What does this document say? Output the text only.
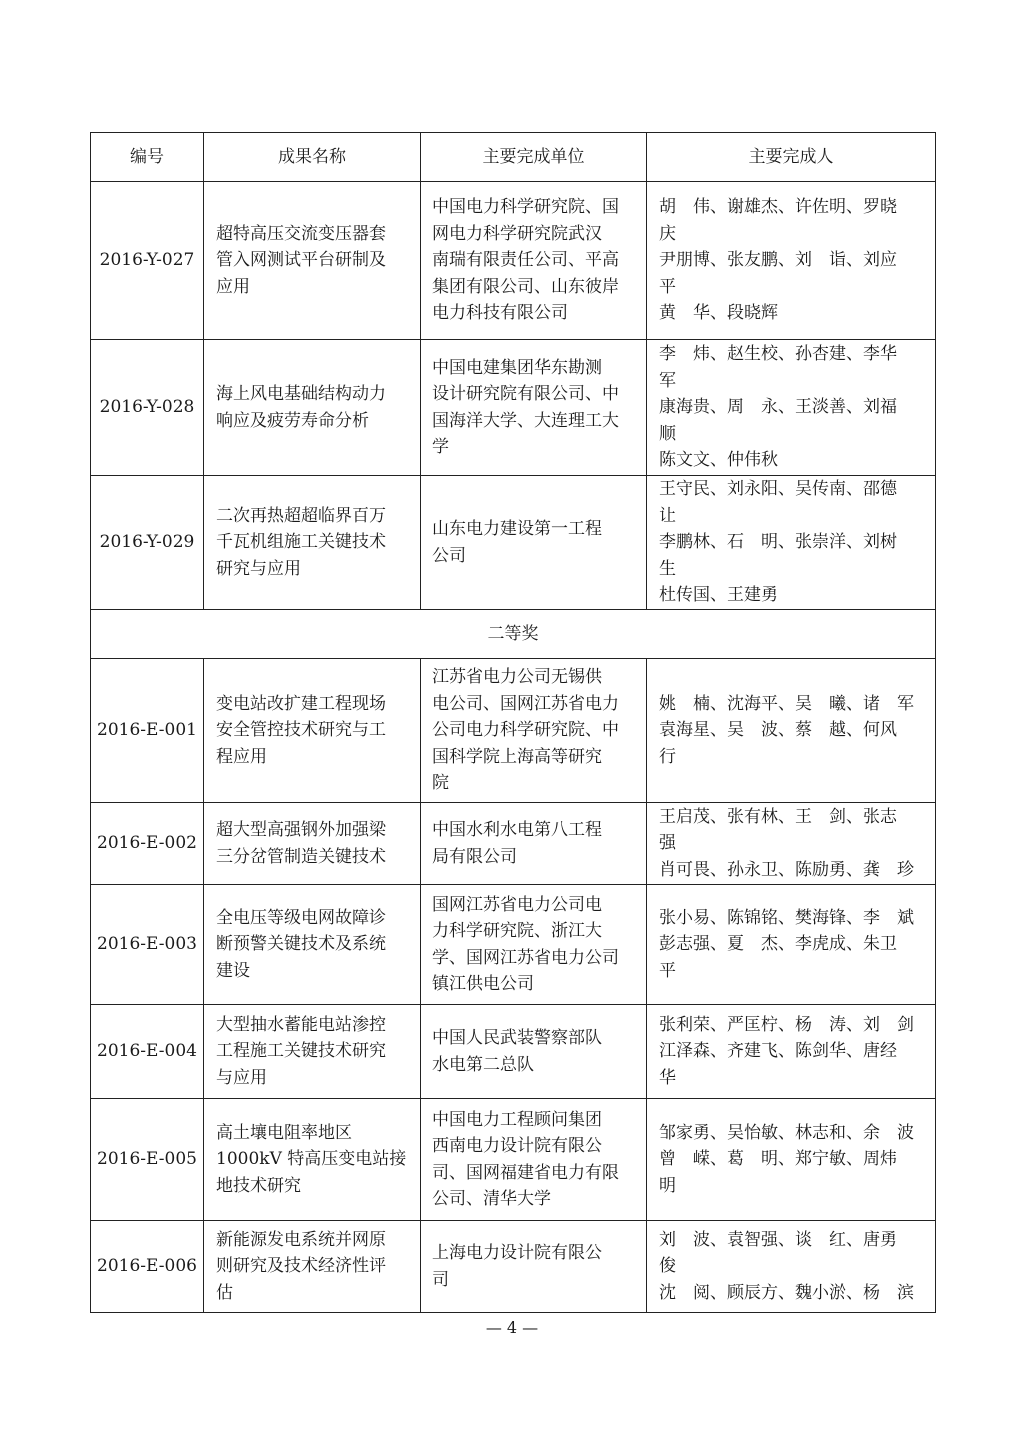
编号	成果名称	主要完成单位	主要完成人
2016-Y-027	超特高压交流变压器套
管入网测试平台研制及
应用	中国电力科学研究院、国
网电力科学研究院武汉
南瑞有限责任公司、平高
集团有限公司、山东彼岸
电力科技有限公司	胡　伟、谢雄杰、许佐明、罗晓
庆
尹朋博、张友鹏、刘　诣、刘应
平
黄　华、段晓辉

2016-Y-028	海上风电基础结构动力
响应及疲劳寿命分析	中国电建集团华东勘测
设计研究院有限公司、中
国海洋大学、大连理工大
学	李　炜、赵生校、孙杏建、李华
军
康海贵、周　永、王淡善、刘福
顺
陈文文、仲伟秋

2016-Y-029	二次再热超超临界百万
千瓦机组施工关键技术
研究与应用	山东电力建设第一工程
公司	王守民、刘永阳、吴传南、邵德
让
李鹏林、石　明、张崇洋、刘树
生
杜传国、王建勇

二等奖			
2016-E-001	变电站改扩建工程现场
安全管控技术研究与工
程应用	江苏省电力公司无锡供
电公司、国网江苏省电力
公司电力科学研究院、中
国科学院上海高等研究
院	姚　楠、沈海平、吴　曦、诸　军
袁海星、吴　波、蔡　越、何风
行

2016-E-002	超大型高强钢外加强梁
三分岔管制造关键技术	中国水利水电第八工程
局有限公司	王启茂、张有林、王　剑、张志
强
肖可畏、孙永卫、陈励勇、龚　珍

2016-E-003	全电压等级电网故障诊
断预警关键技术及系统
建设	国网江苏省电力公司电
力科学研究院、浙江大
学、国网江苏省电力公司
镇江供电公司	张小易、陈锦铭、樊海锋、李　斌
彭志强、夏　杰、李虎成、朱卫
平

2016-E-004	大型抽水蓄能电站渗控
工程施工关键技术研究
与应用	中国人民武装警察部队
水电第二总队	张利荣、严匡柠、杨　涛、刘　剑
江泽森、齐建飞、陈剑华、唐经
华

2016-E-005	高土壤电阻率地区
1000kV 特高压变电站接
地技术研究	中国电力工程顾问集团
西南电力设计院有限公
司、国网福建省电力有限
公司、清华大学	邹家勇、吴怡敏、林志和、余　波
曾　嵘、葛　明、郑宁敏、周炜
明

2016-E-006	新能源发电系统并网原
则研究及技术经济性评
估	上海电力设计院有限公
司	刘　波、袁智强、谈　红、唐勇
俊
沈　阅、顾辰方、魏小淤、杨　滨
— 4 —
